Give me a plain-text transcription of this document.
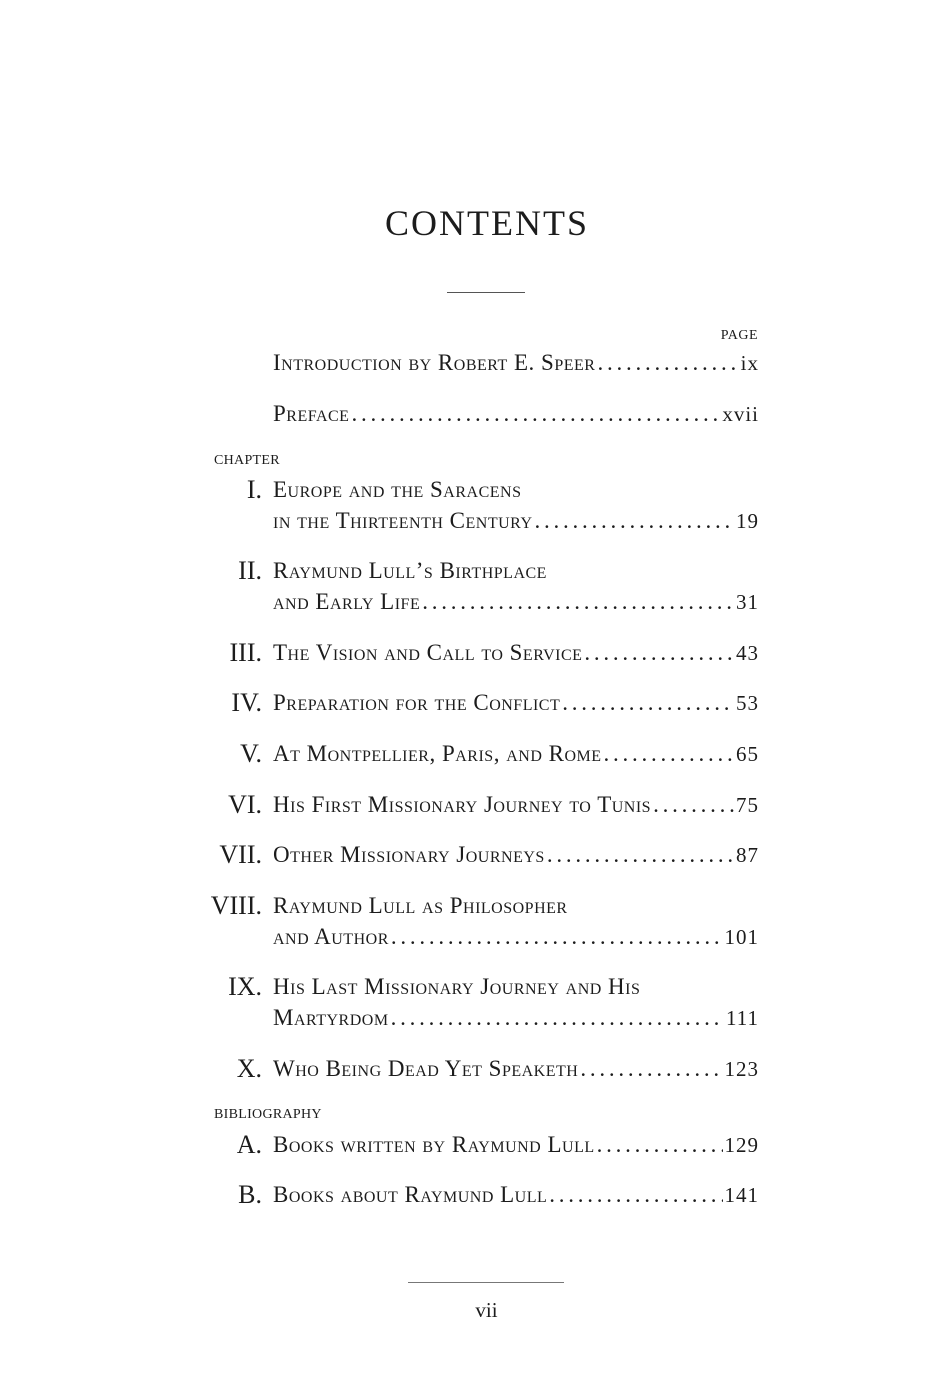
CONTENTS
PAGE
Introduction by Robert E. Speer . . .	ix
Preface . . .	xvii
CHAPTER
I. Europe and the Saracens
in the Thirteenth Century . . .	19
II. Raymund Lull’s Birthplace
and Early Life . . .	31
III. The Vision and Call to Service . . .	43
IV. Preparation for the Conflict . . .	53
V. At Montpellier, Paris, and Rome . . .	65
VI. His First Missionary Journey to Tunis . . .	75
VII. Other Missionary Journeys . . .	87
VIII. Raymund Lull as Philosopher
and Author . . .	101
IX. His Last Missionary Journey and His
Martyrdom . . .	111
X. Who Being Dead Yet Speaketh . . .	123
BIBLIOGRAPHY
A. Books written by Raymund Lull . . .	129
B. Books about Raymund Lull . . .	141
vii
